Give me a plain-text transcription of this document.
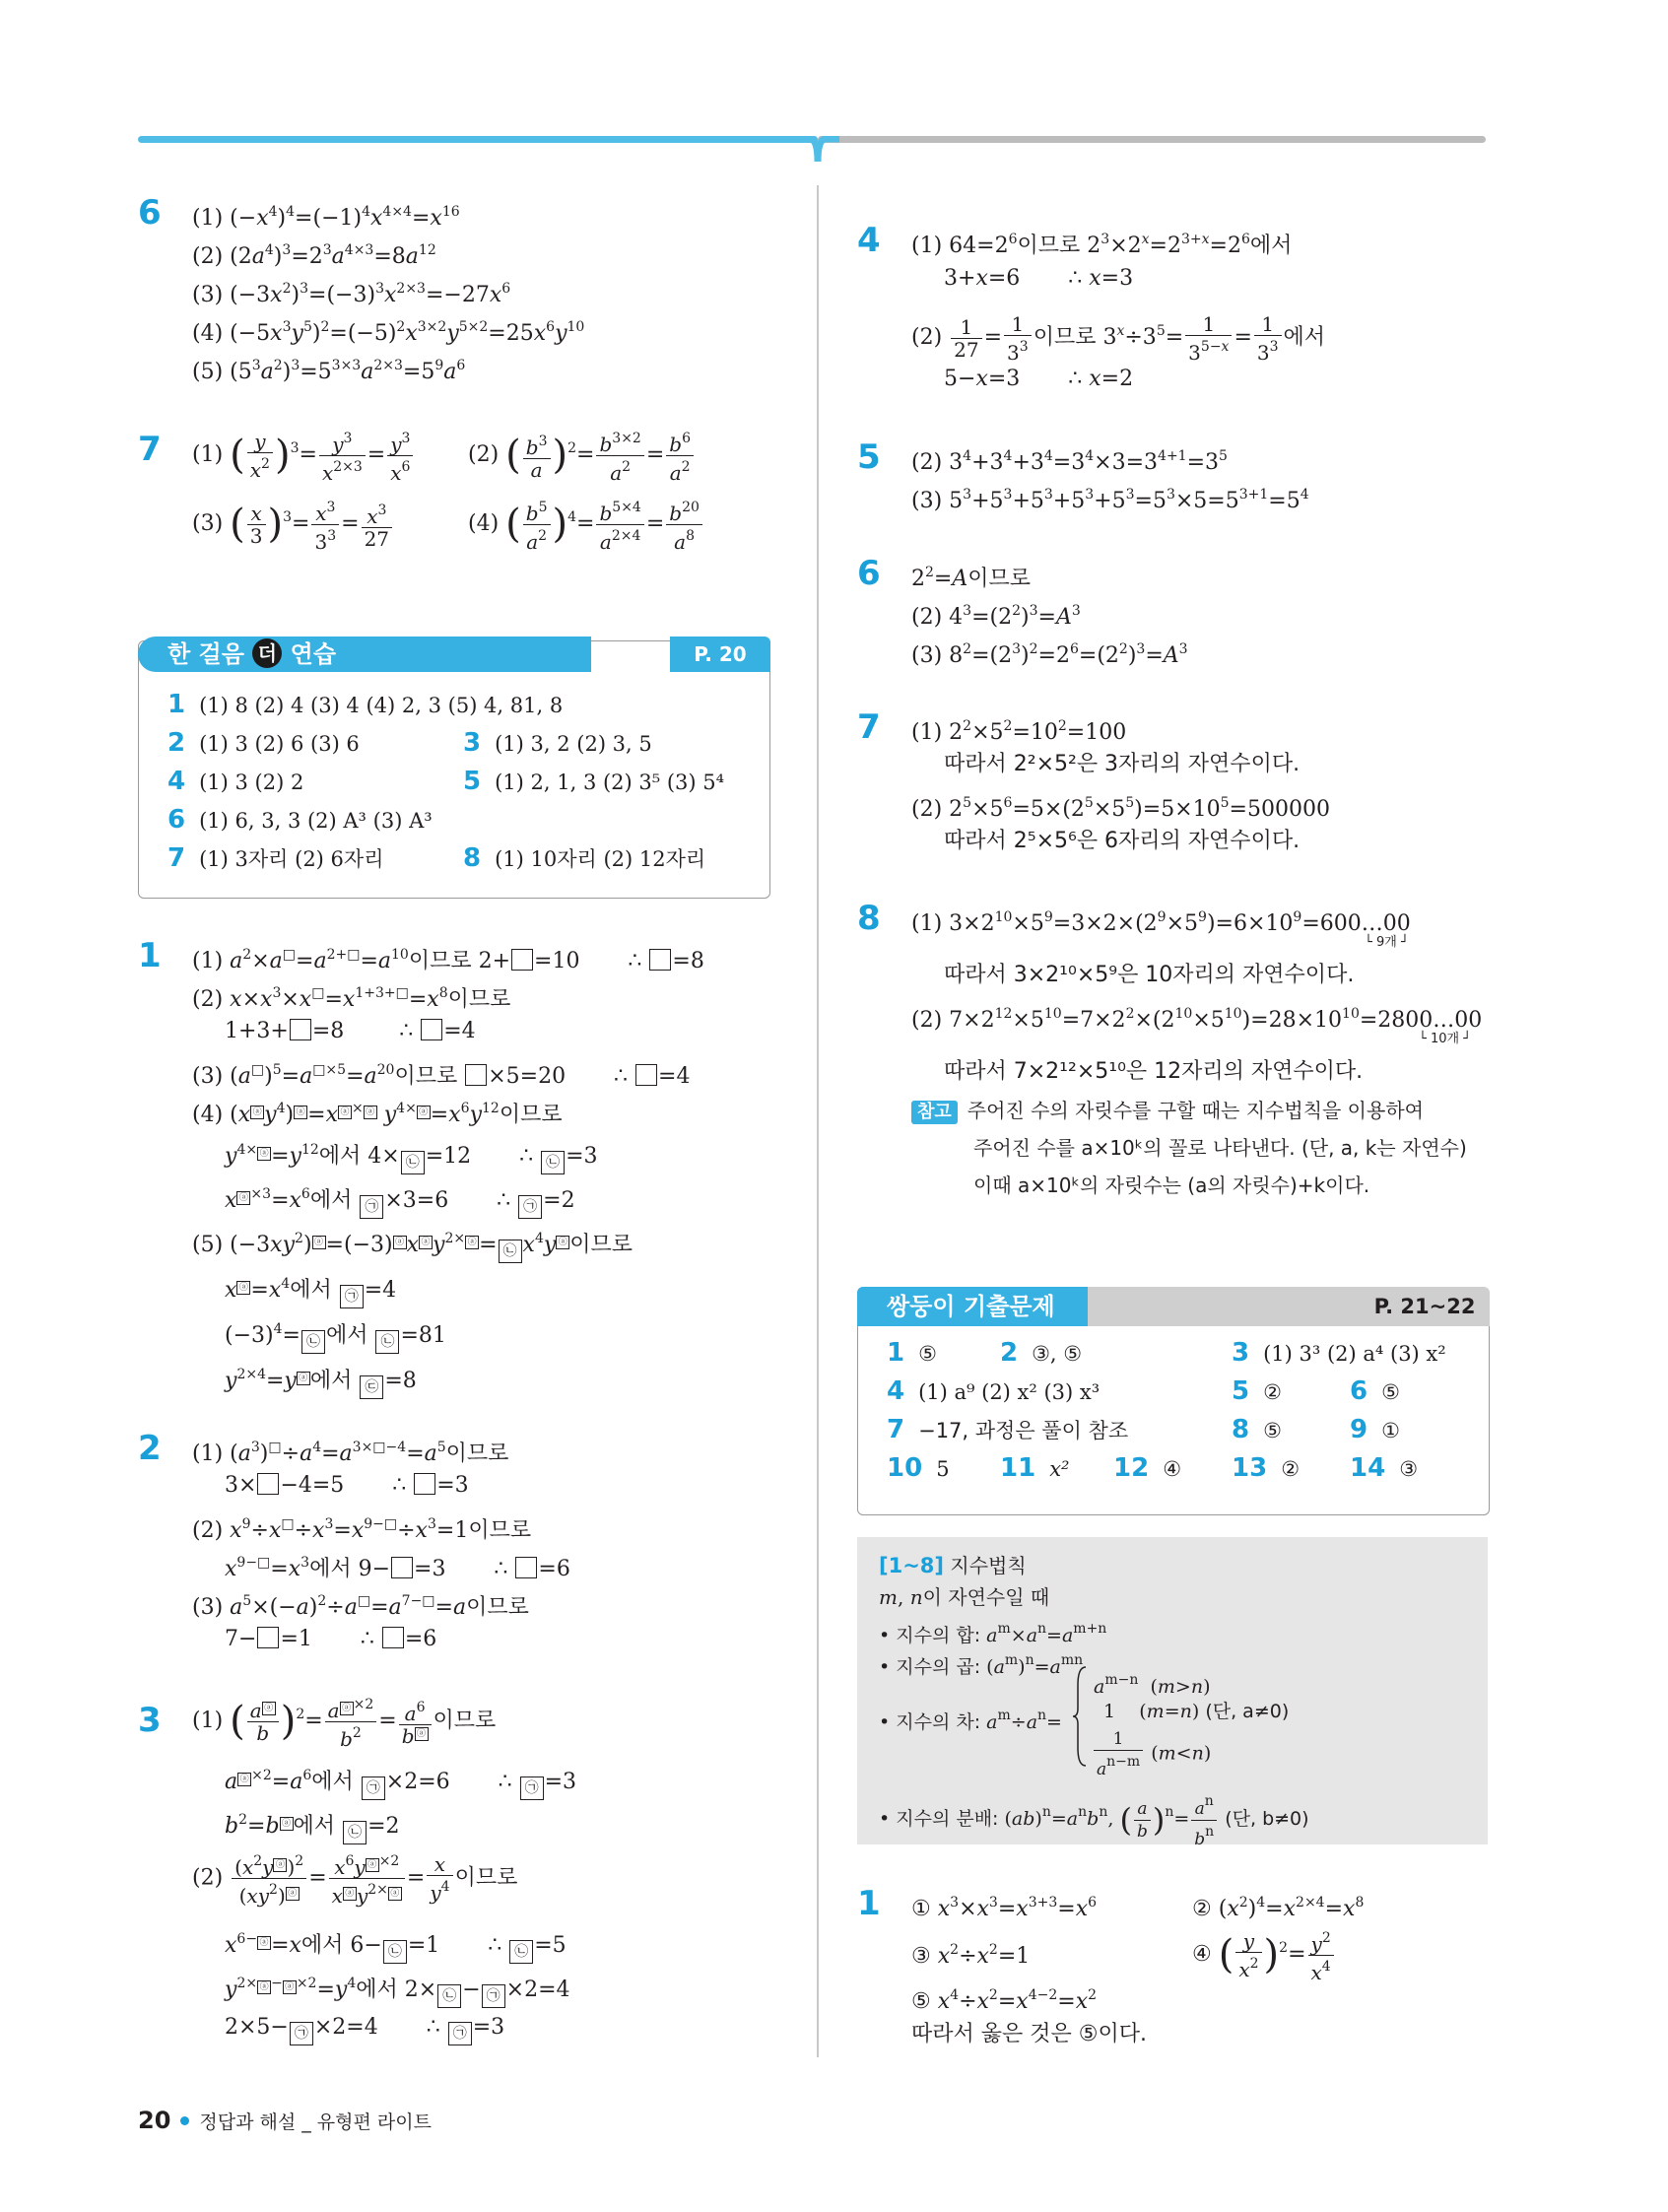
6 (1) $(-x^4)^4=(-1)^4x^{4\times 4}=x^{16}$
(2) $(2a^4)^3=2^3a^{4\times 3}=8a^{12}$
(3) $(-3x^2)^3=(-3)^3x^{2\times 3}=-27x^6$
(4) $(-5x^3y^5)^2=(-5)^2x^{3\times 2}y^{5\times 2}=25x^6y^{10}$
(5) $(5^3a^2)^3=5^{3\times 3}a^{2\times 3}=5^9a^6$
7 (1) ( $\frac{y}{x^2} )^3= \frac{y^3}{x^{2\times 3}} = \frac{y^3}{x^6}$	(2) ( $\frac{b^3}{a} )^2= \frac{b^{3\times 2}}{a^2} = \frac{b^6}{a^2}$
(3) ( $\frac{x}{3} )^3= \frac{x^3}{3^3} = \frac{x^3}{27}$	(4) ( $\frac{b^5}{a^2} )^4= \frac{b^{5\times 4}}{a^{2\times 4}} = \frac{b^{20}}{a^8}$
한 걸음 더 연습	P. 20
1 (1) 8 (2) 4 (3) 4 (4) 2, 3 (5) 4, 81, 8
2 (1) 3 (2) 6 (3) 6	3 (1) 3, 2 (2) 3, 5
4 (1) 3 (2) 2	5 (1) 2, 1, 3 (2) 3⁵ (3) 5⁴
6 (1) 6, 3, 3 (2) A³ (3) A³
7 (1) 3자리 (2) 6자리	8 (1) 10자리 (2) 12자리
1 (1) $a^2\times a^□=a^{2+□}=a^{10}$이므로 2+ =10       ∴ =8
(2) $x\times x^3\times x^□=x^{1+3+□}=x^8$이므로
1+3+ =8        ∴ =4
(3) $(a^□)^5=a^{□\times 5}=a^{20}$이므로 ×5=20       ∴ =4
(4) (x ⓐ $y^4$) ⓐ =x ⓐ × ⓐ $y^{4\times}$ ⓐ $=x^6y^{12}$이므로
$y^{4\times}$ ⓐ $=y^{12}$에서 4× ㉡ =12       ∴ ㉡ =3
x ⓐ $^{\times 3}=x^6$에서 ㉠ ×3=6       ∴ ㉠ =2
(5) $(-3xy^2)$ ⓐ =(−3) ⓐ x ⓐ $y^{2\times}$ ⓐ = ㉡ $x^4y$ ⓐ 이므로
x ⓐ $=x^4$에서 ㉠ =4
$(-3)^4=$ ㉡ 에서 ㉡ =81
$y^{2\times 4}=y$ ⓐ 에서 ㉢ =8
2 (1) $(a^3)^□\div a^4=a^{3\times□-4}=a^5$이므로
3× −4=5       ∴ =3
(2) $x^9\div x^□\div x^3=x^{9-□}\div x^3=1$이므로
$x^{9-□}=x^3$에서 9− =3       ∴ =6
(3) $a^5\times(-a)^2\div a^□=a^{7-□}=a$이므로
7− =1       ∴ =6
3 (1) ( $\frac{a ⓐ}{b} )^2= \frac{a ⓐ ^{\times 2}}{b^2} = \frac{a^6}{b ⓐ}$ 이므로
a ⓐ $^{\times 2}=a^6$에서 ㉠ ×2=6       ∴ ㉠ =3
$b^2=b$ ⓐ 에서 ㉡ =2
$(2) \frac{(x^2y ⓐ )^2}{(xy^2) ⓐ} = \frac{x^6y ⓐ ^{\times 2}}{x ⓐ y^{2\times} ⓐ} = \frac{x}{y^4}$ 이므로
$x^{6-}$ ⓐ =x에서 6− ㉡ =1       ∴ ㉡ =5
$y^{2\times}$ ⓐ − ⓐ $^{\times 2}=y^4$에서 2× ㉡ − ㉠ ×2=4
2×5− ㉠ ×2=4       ∴ ㉠ =3
4 (1) $64=2^6$이므로 $2^3\times 2^x=2^{3+x}=2^6$에서
3+x=6       ∴ x=3
$(2) \frac{1}{27} = \frac{1}{3^3}$ 이므로 $3^x\div 3^5= \frac{1}{3^{5-x}} = \frac{1}{3^3}$ 에서
5−x=3       ∴ x=2
5 (2) $3^4+3^4+3^4=3^4\times 3=3^{4+1}=3^5$
(3) $5^3+5^3+5^3+5^3+5^3=5^3\times 5=5^{3+1}=5^4$
6 $2^2=A$이므로
(2) $4^3=(2^2)^3=A^3$
(3) $8^2=(2^3)^2=2^6=(2^2)^3=A^3$
7 (1) $2^2\times 5^2=10^2=100$
따라서 2²×5²은 3자리의 자연수이다.
(2) $2^5\times 5^6=5\times(2^5\times 5^5)=5\times 10^5=500000$
따라서 2⁵×5⁶은 6자리의 자연수이다.
8 (1) $3\times 2^{10}\times 5^9=3\times 2\times(2^9\times 5^9)=6\times 10^9=600\dots 00$
└ 9개 ┘
따라서 3×2¹⁰×5⁹은 10자리의 자연수이다.
(2) $7\times 2^{12}\times 5^{10}=7\times 2^2\times(2^{10}\times 5^{10})=28\times 10^{10}=2800\dots 00$
└ 10개 ┘
따라서 7×2¹²×5¹⁰은 12자리의 자연수이다.
참고 주어진 수의 자릿수를 구할 때는 지수법칙을 이용하여
주어진 수를 a×10ᵏ의 꼴로 나타낸다. (단, a, k는 자연수)
이때 a×10ᵏ의 자릿수는 (a의 자릿수)+k이다.
쌍둥이 기출문제	P. 21~22
1 ⑤ 2 ③, ⑤	3 (1) 3³ (2) a⁴ (3) x²
4 (1) a⁹ (2) x² (3) x³	5 ②	6 ⑤
7 −17, 과정은 풀이 참조	8 ⑤	9 ①
10 5 11 x² 12 ④ 13 ② 14 ③
[1~8] 지수법칙
m, n이 자연수일 때
• 지수의 합: $a^m\times a^n=a^{m+n}$
• 지수의 곱: $(a^m)^n=a^{mn}$
• 지수의 차: $a^m\div a^n=$
$a^{m-n}$  (m>n)
1    (m=n) (단, a≠0)
$\frac{1}{a^{n-m}} (m<n)$
• 지수의 분배: $(ab)^n=a^nb^n$, ( $\frac{a}{b} )^n= \frac{a^n}{b^n}$ (단, b≠0)
1 ① $x^3\times x^3=x^{3+3}=x^6$	② $(x^2)^4=x^{2\times 4}=x^8$
③ $x^2\div x^2=1$	④ ( $\frac{y}{x^2} )^2= \frac{y^2}{x^4}$
⑤ $x^4\div x^2=x^{4-2}=x^2$
따라서 옳은 것은 ⑤이다.
20 정답과 해설 _ 유형편 라이트
